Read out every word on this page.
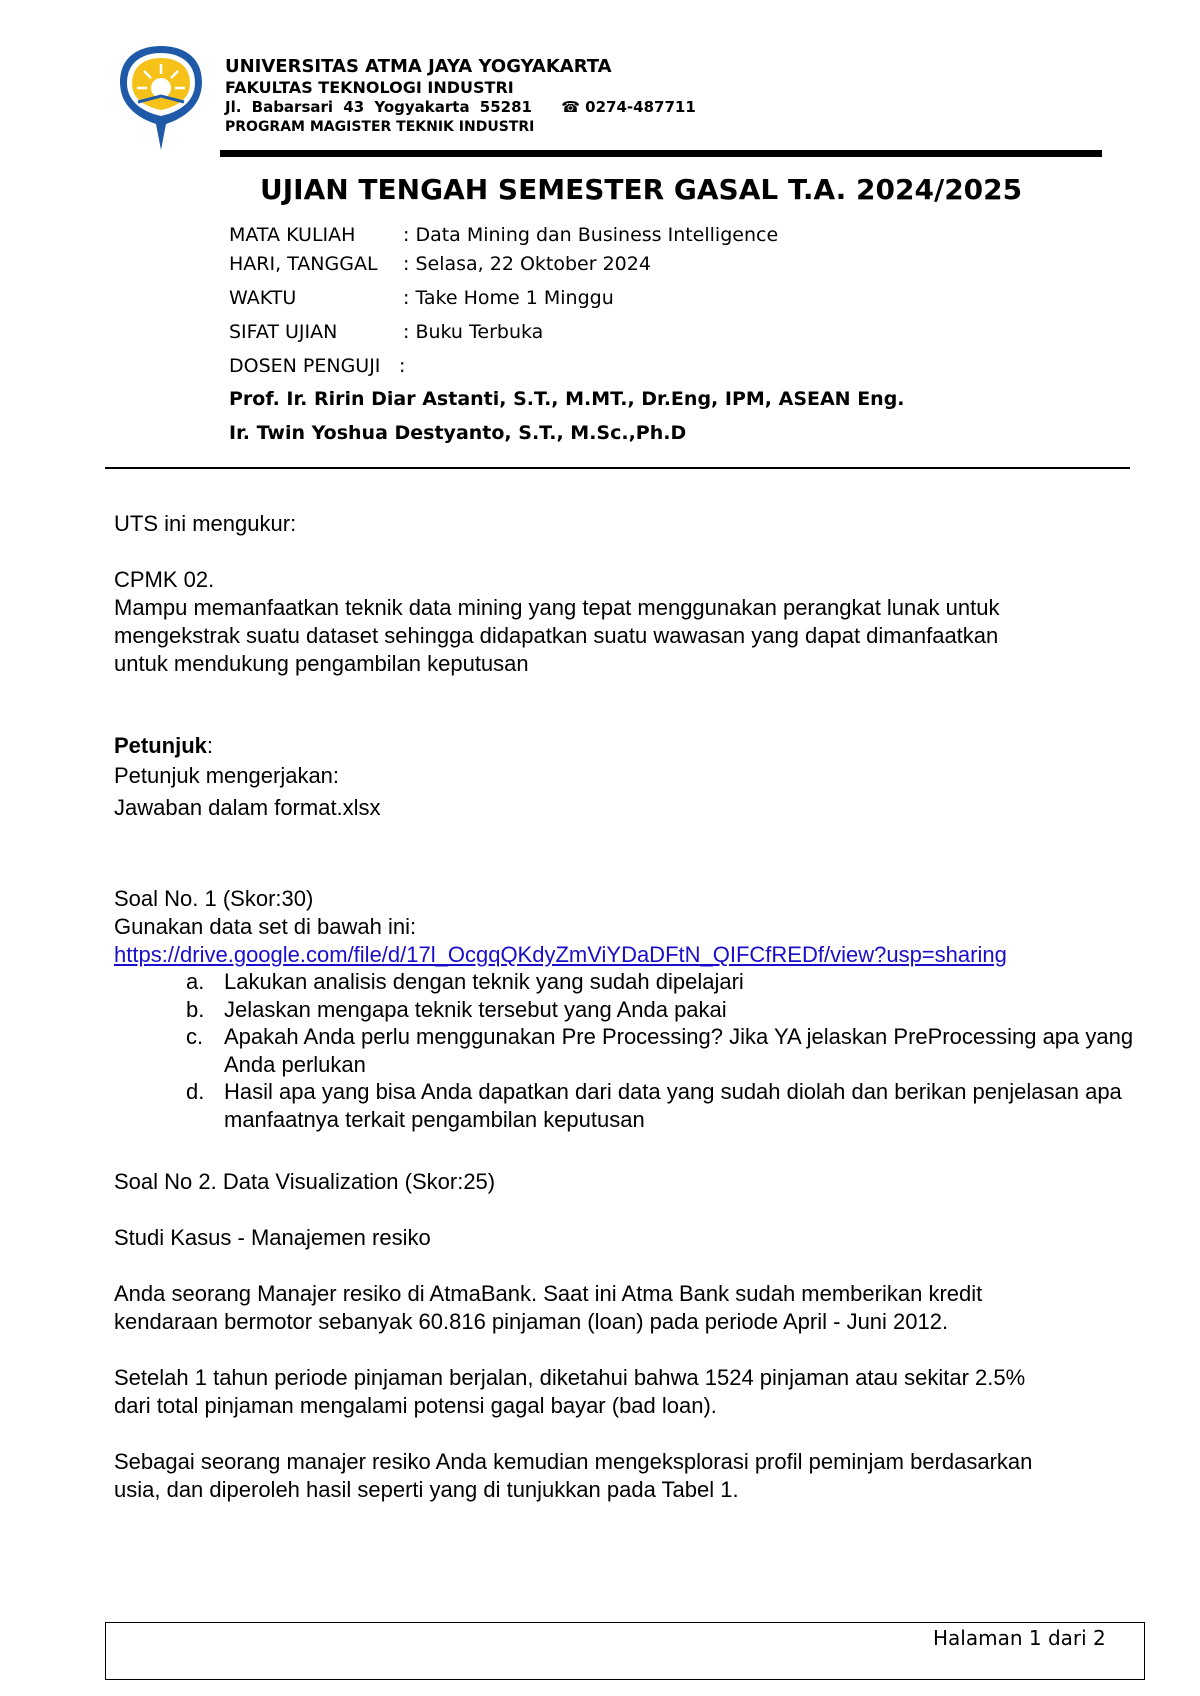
UNIVERSITAS ATMA JAYA YOGYAKARTA
FAKULTAS TEKNOLOGI INDUSTRI
Jl. Babarsari 43 Yogyakarta 55281 ☎ 0274-487711
PROGRAM MAGISTER TEKNIK INDUSTRI
UJIAN TENGAH SEMESTER GASAL T.A. 2024/2025
MATA KULIAH	: Data Mining dan Business Intelligence
HARI, TANGGAL : Selasa, 22 Oktober 2024
WAKTU	: Take Home 1 Minggu
SIFAT UJIAN	: Buku Terbuka
DOSEN PENGUJI :
Prof. Ir. Ririn Diar Astanti, S.T., M.MT., Dr.Eng, IPM, ASEAN Eng.
Ir. Twin Yoshua Destyanto, S.T., M.Sc.,Ph.D
UTS ini mengukur:
CPMK 02.
Mampu memanfaatkan teknik data mining yang tepat menggunakan perangkat lunak untuk
mengekstrak suatu dataset sehingga didapatkan suatu wawasan yang dapat dimanfaatkan
untuk mendukung pengambilan keputusan
Petunjuk:
Petunjuk mengerjakan:
Jawaban dalam format.xlsx
Soal No. 1 (Skor:30)
Gunakan data set di bawah ini:
https://drive.google.com/file/d/17l_OcgqQKdyZmViYDaDFtN_QIFCfREDf/view?usp=sharing
a. Lakukan analisis dengan teknik yang sudah dipelajari
b. Jelaskan mengapa teknik tersebut yang Anda pakai
c. Apakah Anda perlu menggunakan Pre Processing? Jika YA jelaskan PreProcessing apa yang Anda perlukan
d. Hasil apa yang bisa Anda dapatkan dari data yang sudah diolah dan berikan penjelasan apa manfaatnya terkait pengambilan keputusan
Soal No 2. Data Visualization (Skor:25)
Studi Kasus - Manajemen resiko
Anda seorang Manajer resiko di AtmaBank. Saat ini Atma Bank sudah memberikan kredit
kendaraan bermotor sebanyak 60.816 pinjaman (loan) pada periode April - Juni 2012.
Setelah 1 tahun periode pinjaman berjalan, diketahui bahwa 1524 pinjaman atau sekitar 2.5%
dari total pinjaman mengalami potensi gagal bayar (bad loan).
Sebagai seorang manajer resiko Anda kemudian mengeksplorasi profil peminjam berdasarkan
usia, dan diperoleh hasil seperti yang di tunjukkan pada Tabel 1.
Halaman 1 dari 2
